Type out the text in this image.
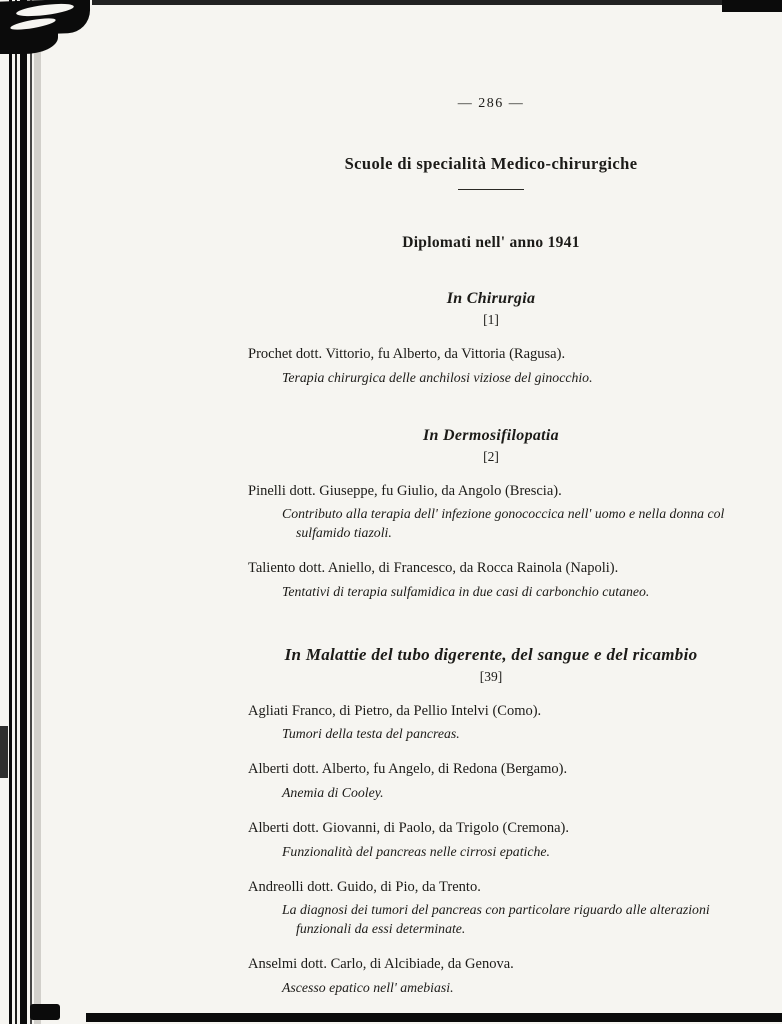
— 286 —
Scuole di specialità Medico-chirurgiche
Diplomati nell' anno 1941
In Chirurgia
[1]
Prochet dott. Vittorio, fu Alberto, da Vittoria (Ragusa).
Terapia chirurgica delle anchilosi viziose del ginocchio.
In Dermosifilopatia
[2]
Pinelli dott. Giuseppe, fu Giulio, da Angolo (Brescia).
Contributo alla terapia dell' infezione gonococcica nell' uomo e nella donna col sulfamido tiazoli.
Taliento dott. Aniello, di Francesco, da Rocca Rainola (Napoli).
Tentativi di terapia sulfamidica in due casi di carbonchio cutaneo.
In Malattie del tubo digerente, del sangue e del ricambio
[39]
Agliati Franco, di Pietro, da Pellio Intelvi (Como).
Tumori della testa del pancreas.
Alberti dott. Alberto, fu Angelo, di Redona (Bergamo).
Anemia di Cooley.
Alberti dott. Giovanni, di Paolo, da Trigolo (Cremona).
Funzionalità del pancreas nelle cirrosi epatiche.
Andreolli dott. Guido, di Pio, da Trento.
La diagnosi dei tumori del pancreas con particolare riguardo alle alterazioni funzionali da essi determinate.
Anselmi dott. Carlo, di Alcibiade, da Genova.
Ascesso epatico nell' amebiasi.
